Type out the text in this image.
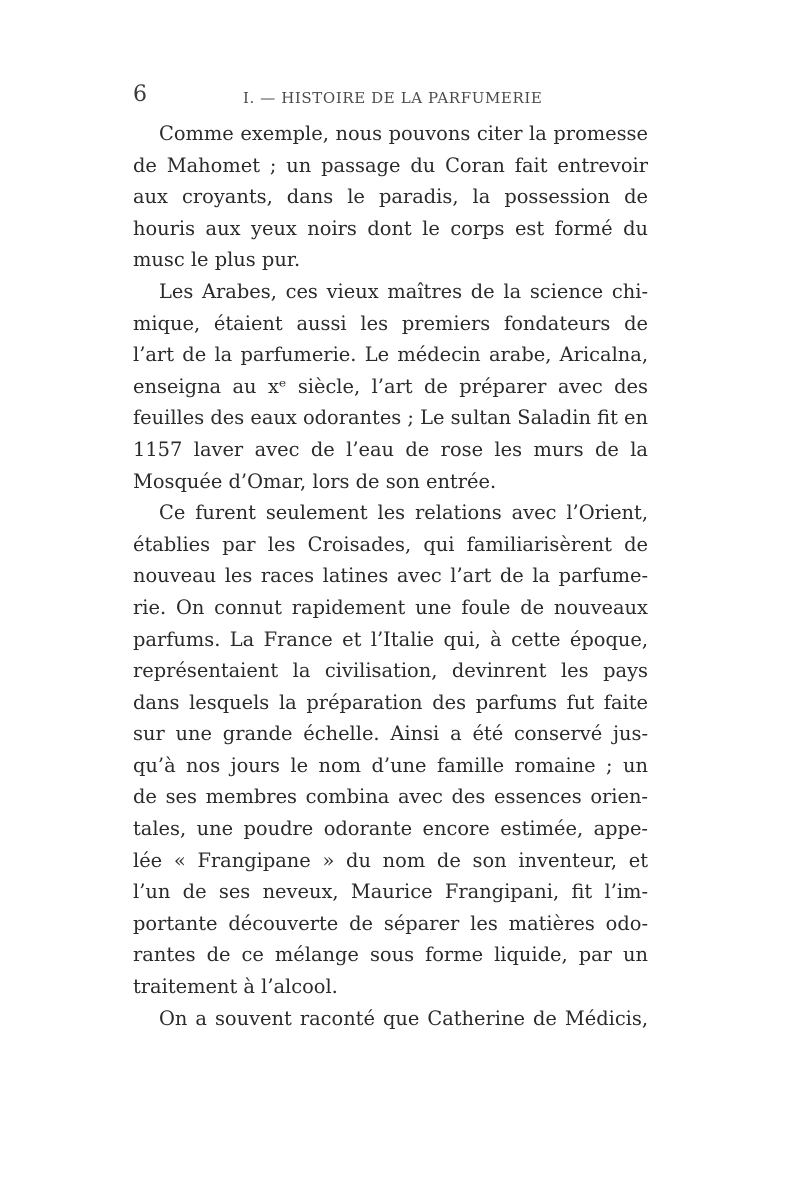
6	I. — HISTOIRE DE LA PARFUMERIE
Comme exemple, nous pouvons citer la promesse
de Mahomet ; un passage du Coran fait entrevoir
aux croyants, dans le paradis, la possession de
houris aux yeux noirs dont le corps est formé du
musc le plus pur.
Les Arabes, ces vieux maîtres de la science chi-
mique, étaient aussi les premiers fondateurs de
l’art de la parfumerie. Le médecin arabe, Aricalna,
enseigna au xᵉ siècle, l’art de préparer avec des
feuilles des eaux odorantes ; Le sultan Saladin fit en
1157 laver avec de l’eau de rose les murs de la
Mosquée d’Omar, lors de son entrée.
Ce furent seulement les relations avec l’Orient,
établies par les Croisades, qui familiarisèrent de
nouveau les races latines avec l’art de la parfume-
rie. On connut rapidement une foule de nouveaux
parfums. La France et l’Italie qui, à cette époque,
représentaient la civilisation, devinrent les pays
dans lesquels la préparation des parfums fut faite
sur une grande échelle. Ainsi a été conservé jus-
qu’à nos jours le nom d’une famille romaine ; un
de ses membres combina avec des essences orien-
tales, une poudre odorante encore estimée, appe-
lée « Frangipane » du nom de son inventeur, et
l’un de ses neveux, Maurice Frangipani, fit l’im-
portante découverte de séparer les matières odo-
rantes de ce mélange sous forme liquide, par un
traitement à l’alcool.
On a souvent raconté que Catherine de Médicis,
